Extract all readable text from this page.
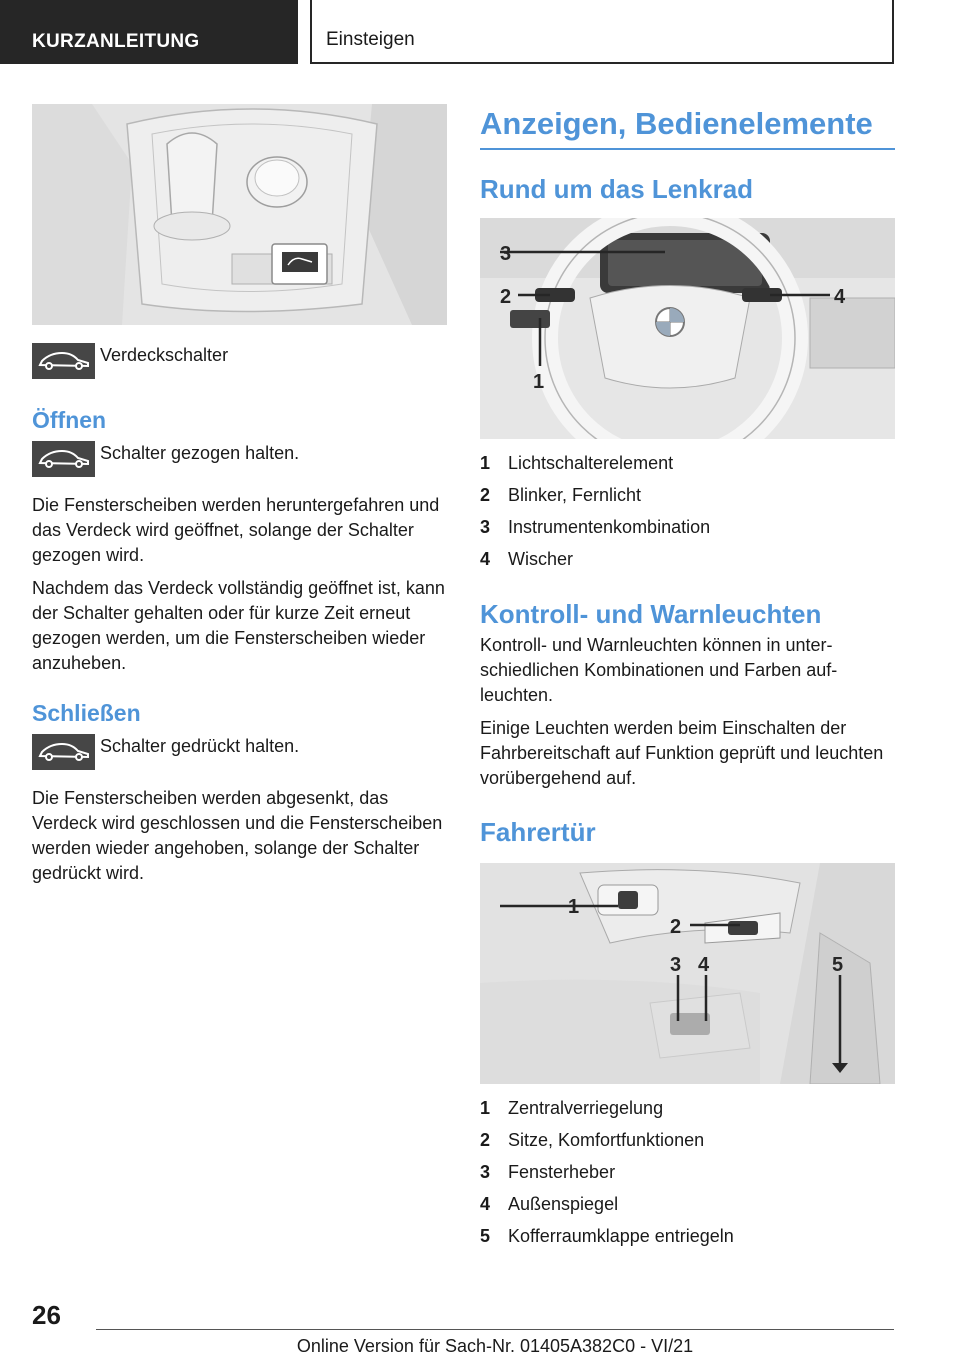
KURZANLEITUNG	Einsteigen
Verdeckschalter
Öffnen
Schalter gezogen halten.

Die Fensterscheiben werden heruntergefahren und das Verdeck wird geöffnet, solange der Schalter gezogen wird.

Nachdem das Verdeck vollständig geöffnet ist, kann der Schalter gehalten oder für kurze Zeit erneut gezogen werden, um die Fensterscheiben wieder anzuheben.

Schließen
Schalter gedrückt halten.

Die Fensterscheiben werden abgesenkt, das Verdeck wird geschlossen und die Fensterscheiben werden wieder angehoben, solange der Schalter gedrückt wird.

Anzeigen, Bedienelemente
Rund um das Lenkrad
3
2	4
1
1 Lichtschalterelement
2 Blinker, Fernlicht
3 Instrumentenkombination
4 Wischer
Kontroll- und Warnleuchten

Kontroll- und Warnleuchten können in unterschiedlichen Kombinationen und Farben aufleuchten.

Einige Leuchten werden beim Einschalten der Fahrbereitschaft auf Funktion geprüft und leuchten vorübergehend auf.

Fahrertür
1
2
3 4	5
1 Zentralverriegelung
2 Sitze, Komfortfunktionen
3 Fensterheber
4 Außenspiegel
5 Kofferraumklappe entriegeln
26
Online Version für Sach-Nr. 01405A382C0 - VI/21
